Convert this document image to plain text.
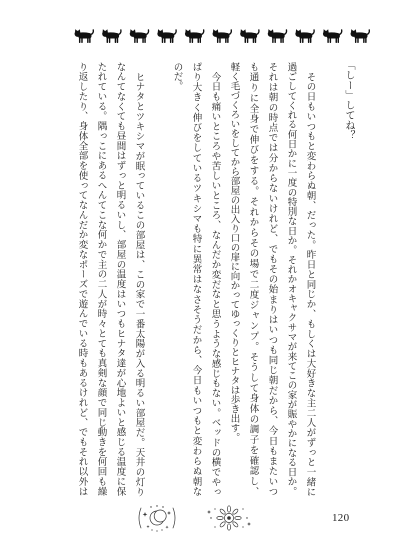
「しー」してね？
その日もいつもと変わらぬ朝、だった。昨日と同じか、もしくは大好きな主二人がずっと一緒に
過ごしてくれる何日かに一度の特別な日か。それかオキャクサマが来てこの家が賑やかになる日か。
それは朝の時点では分からないけれど、でもその始まりはいつも同じ朝だから、今日もまたいつ
も通りに全身で伸びをする。それからその場で二度ジャンプ。そうして身体の調子を確認し、
軽く毛づくろいをしてから部屋の出入り口の扉に向かってゆっくりとヒナタは歩き出す。
今日も痛いところや苦しいところ、なんだか変だなと思うような感じもない。ベッドの横でやっ
ぱり大きく伸びをしているツキシマも特に異常はなさそうだから、今日もいつもと変わらぬ朝な
のだ。
ヒナタとツキシマが眠っているこの部屋は、この家で一番太陽が入る明るい部屋だ。天井の灯り
なんてなくても昼間はずっと明るいし、部屋の温度はいつもヒナタ達が心地よいと感じる温度に保
たれている。隅っこにあるへんてこな何かで主の二人が時々とても真剣な顔で同じ動きを何回も繰
り返したり、身体全部を使ってなんだか変なポーズで遊んでいる時もあるけれど、でもそれ以外は
120
